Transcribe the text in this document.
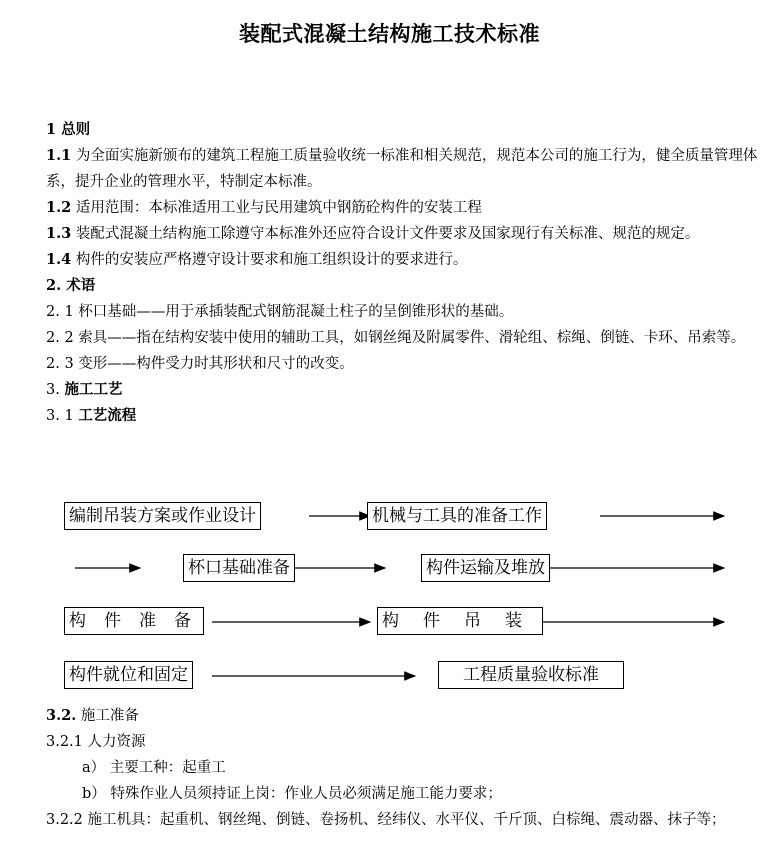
装配式混凝土结构施工技术标准

1 总则

1.1 为全面实施新颁布的建筑工程施工质量验收统一标准和相关规范，规范本公司的施工行为，健全质量管理体系，提升企业的管理水平，特制定本标准。

1.2 适用范围：本标准适用工业与民用建筑中钢筋砼构件的安装工程

1.3 装配式混凝土结构施工除遵守本标准外还应符合设计文件要求及国家现行有关标准、规范的规定。

1.4 构件的安装应严格遵守设计要求和施工组织设计的要求进行。

2. 术语

2. 1 杯口基础——用于承插装配式钢筋混凝土柱子的呈倒锥形状的基础。

2. 2 索具——指在结构安装中使用的辅助工具，如钢丝绳及附属零件、滑轮组、棕绳、倒链、卡环、吊索等。

2. 3 变形——构件受力时其形状和尺寸的改变。

3. 施工工艺

3. 1 工艺流程

编制吊装方案或作业设计	机械与工具的准备工作
杯口基础准备	构件运输及堆放
构件准备	构件吊装
构件就位和固定	工程质量验收标准

3.2. 施工准备

3.2.1 人力资源

a） 主要工种：起重工

b） 特殊作业人员须持证上岗：作业人员必须满足施工能力要求；

3.2.2 施工机具：起重机、钢丝绳、倒链、卷扬机、经纬仪、水平仪、千斤顶、白棕绳、震动器、抹子等；
